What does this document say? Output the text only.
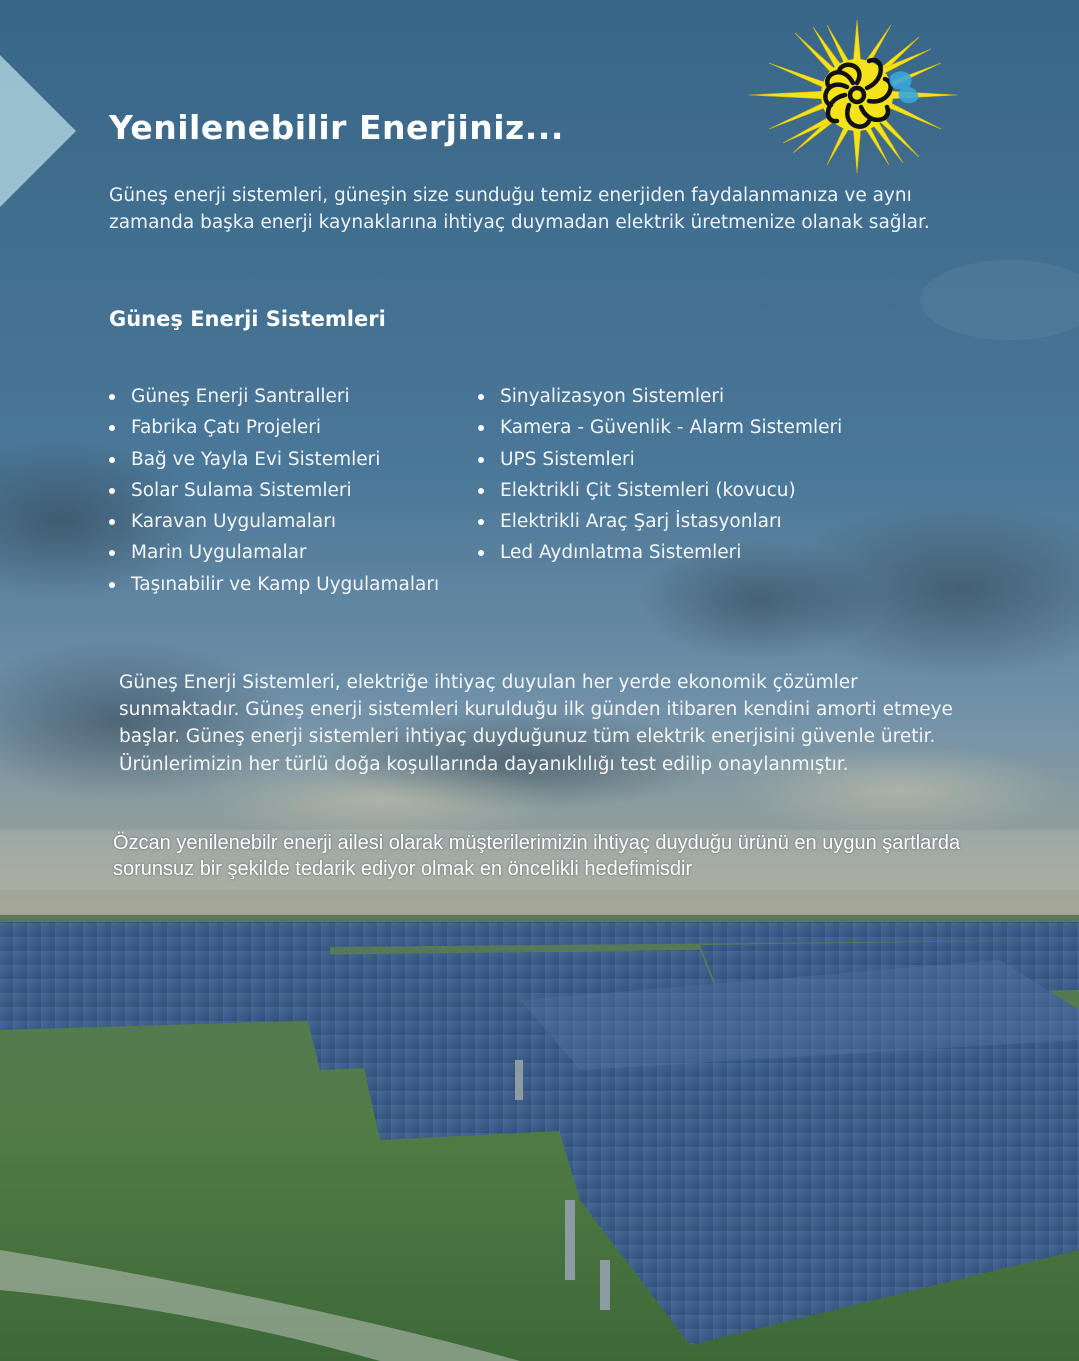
Yenilenebilir Enerjiniz...

Güneş enerji sistemleri, güneşin size sunduğu temiz enerjiden faydalanmanıza ve aynı zamanda başka enerji kaynaklarına ihtiyaç duymadan elektrik üretmenize olanak sağlar.

Güneş Enerji Sistemleri
Güneş Enerji Santralleri
Fabrika Çatı Projeleri
Bağ ve Yayla Evi Sistemleri
Solar Sulama Sistemleri
Karavan Uygulamaları
Marin Uygulamalar
Taşınabilir ve Kamp Uygulamaları
Sinyalizasyon Sistemleri
Kamera - Güvenlik - Alarm Sistemleri
UPS Sistemleri
Elektrikli Çit Sistemleri (kovucu)
Elektrikli Araç Şarj İstasyonları
Led Aydınlatma Sistemleri

Güneş Enerji Sistemleri, elektriğe ihtiyaç duyulan her yerde ekonomik çözümler sunmaktadır. Güneş enerji sistemleri kurulduğu ilk günden itibaren kendini amorti etmeye başlar. Güneş enerji sistemleri ihtiyaç duyduğunuz tüm elektrik enerjisini güvenle üretir. Ürünlerimizin her türlü doğa koşullarında dayanıklılığı test edilip onaylanmıştır.

Özcan yenilenebilr enerji ailesi olarak müşterilerimizin ihtiyaç duyduğu ürünü en uygun şartlarda sorunsuz bir şekilde tedarik ediyor olmak en öncelikli hedefimisdir
